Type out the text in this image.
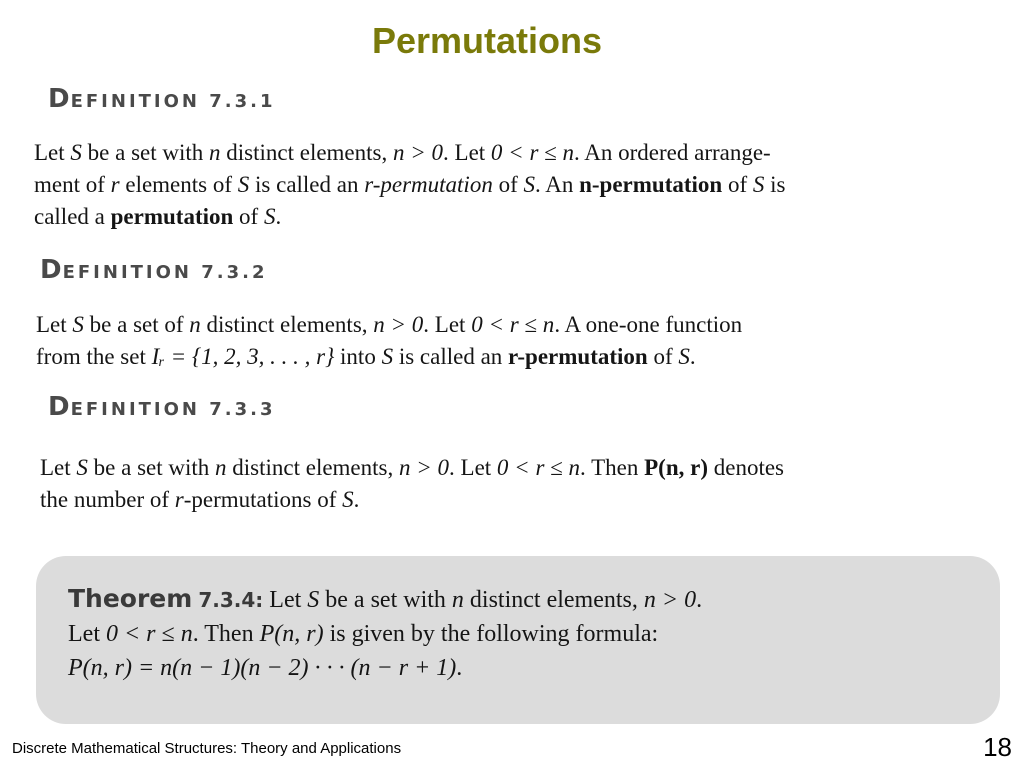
Permutations
DEFINITION 7.3.1
Let S be a set with n distinct elements, n > 0. Let 0 < r ≤ n. An ordered arrange-
ment of r elements of S is called an r-permutation of S. An n-permutation of S is
called a permutation of S.
DEFINITION 7.3.2
Let S be a set of n distinct elements, n > 0. Let 0 < r ≤ n. A one-one function
from the set Iᵣ = {1, 2, 3, . . . , r} into S is called an r-permutation of S.
DEFINITION 7.3.3
Let S be a set with n distinct elements, n > 0. Let 0 < r ≤ n. Then P(n, r) denotes
the number of r-permutations of S.
Theorem 7.3.4: Let S be a set with n distinct elements, n > 0.
Let 0 < r ≤ n. Then P(n, r) is given by the following formula:
P(n, r) = n(n − 1)(n − 2) · · · (n − r + 1).
Discrete Mathematical Structures: Theory and Applications	18
